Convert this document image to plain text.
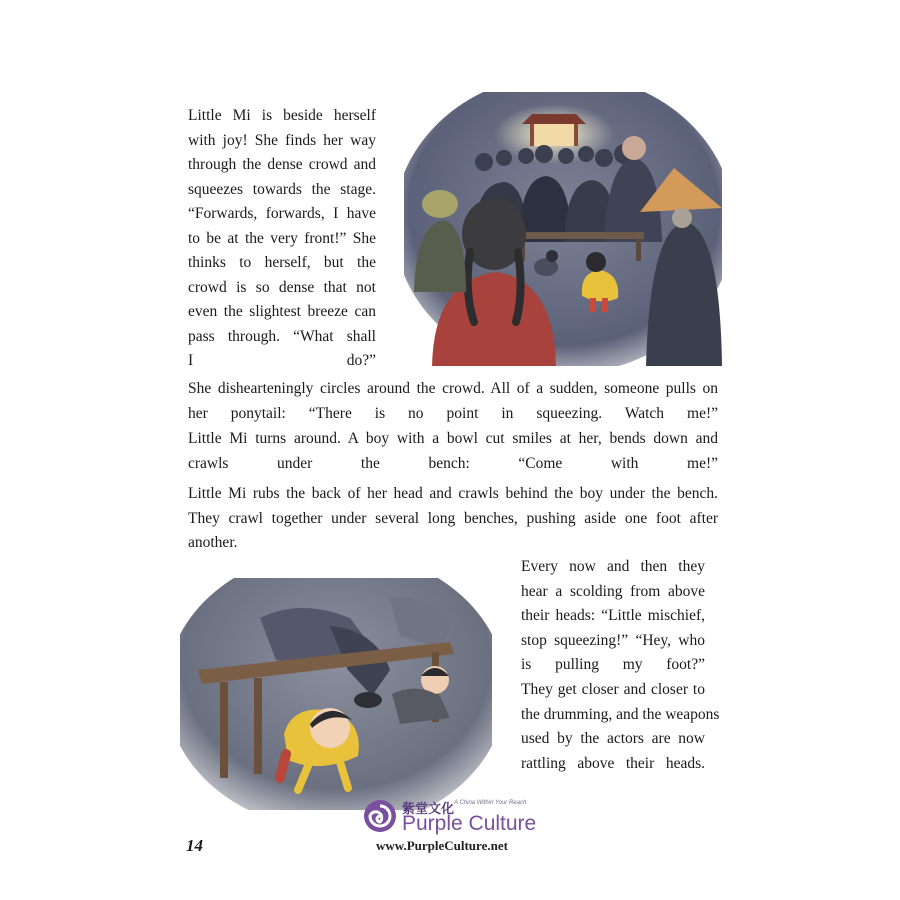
Little Mi is beside herself
with joy! She finds her way
through the dense crowd and
squeezes towards the stage.
“Forwards, forwards, I have
to be at the very front!” She
thinks to herself, but the
crowd is so dense that not
even the slightest breeze can
pass through. “What shall
I do?”
She dishearteningly circles around the crowd. All of a sudden, someone pulls on
her ponytail: “There is no point in squeezing. Watch me!”
Little Mi turns around. A boy with a bowl cut smiles at her, bends down and
crawls under the bench: “Come with me!”
Little Mi rubs the back of her head and crawls behind the boy under the bench.
They crawl together under several long benches, pushing aside one foot after
another.
Every now and then they
hear a scolding from above
their heads: “Little mischief,
stop squeezing!” “Hey, who
is pulling my foot?”
They get closer and closer to
the drumming, and the weapons
used by the actors are now
rattling above their heads.
14
紫堂文化 A China Within Your Reach
Purple Culture
www.PurpleCulture.net
